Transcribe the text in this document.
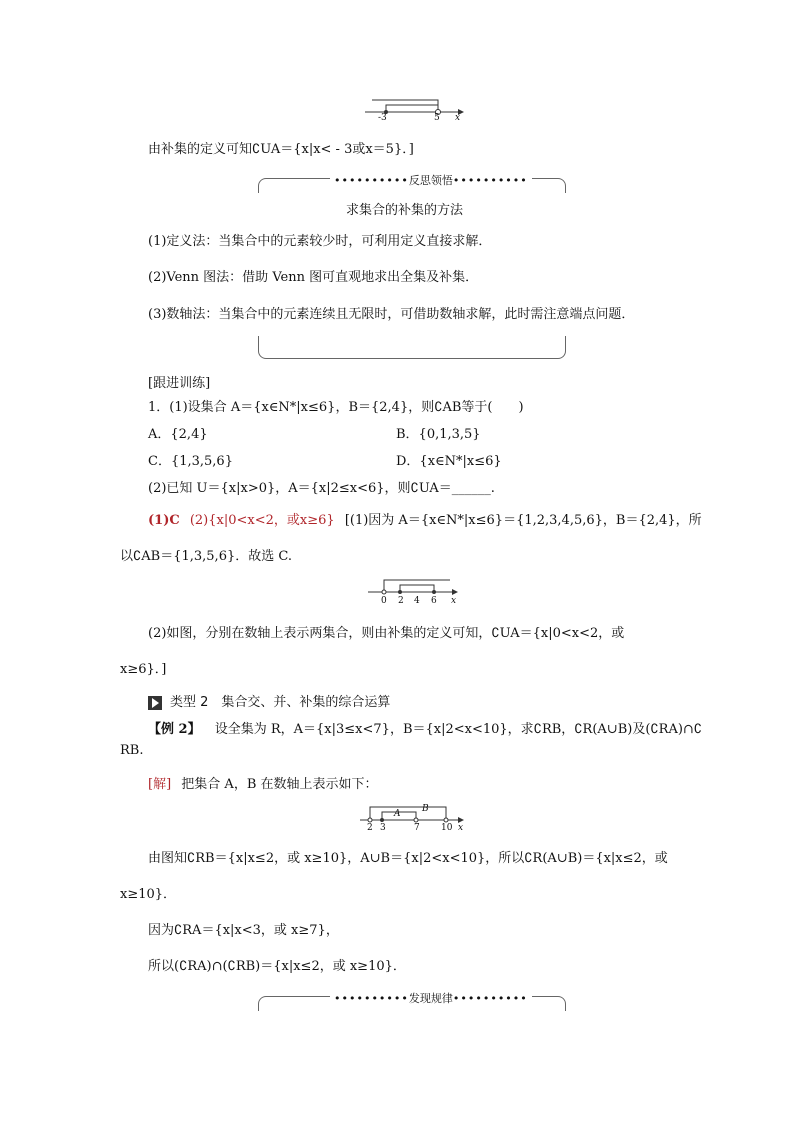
-3	5 x
由补集的定义可知∁UA＝{x|x< - 3或x＝5}．]
••••••••••反思领悟••••••••••
求集合的补集的方法
(1)定义法：当集合中的元素较少时，可利用定义直接求解．
(2)Venn 图法：借助 Venn 图可直观地求出全集及补集．
(3)数轴法：当集合中的元素连续且无限时，可借助数轴求解，此时需注意端点问题．
[跟进训练]
1．(1)设集合 A＝{x∈N*|x≤6}，B＝{2,4}，则∁AB等于(　　)
A．{2,4}	B．{0,1,3,5}
C．{1,3,5,6}	D．{x∈N*|x≤6}
(2)已知 U＝{x|x>0}，A＝{x|2≤x<6}，则∁UA＝______.
(1)C (2){x|0<x<2，或x≥6} [(1)因为 A＝{x∈N*|x≤6}＝{1,2,3,4,5,6}，B＝{2,4}，所
以∁AB＝{1,3,5,6}．故选 C.
0 2 4 6 x
(2)如图，分别在数轴上表示两集合，则由补集的定义可知，∁UA＝{x|0<x<2，或
x≥6}．]
类型 2　集合交、并、补集的综合运算
【例 2】 设全集为 R，A＝{x|3≤x<7}，B＝{x|2<x<10}，求∁RB，∁R(A∪B)及(∁RA)∩∁
RB.
[解] 把集合 A，B 在数轴上表示如下：
2 3	7 10 x
A B
由图知∁RB＝{x|x≤2，或 x≥10}，A∪B＝{x|2<x<10}，所以∁R(A∪B)＝{x|x≤2，或
x≥10}．
因为∁RA＝{x|x<3，或 x≥7}，
所以(∁RA)∩(∁RB)＝{x|x≤2，或 x≥10}．
••••••••••发现规律••••••••••
